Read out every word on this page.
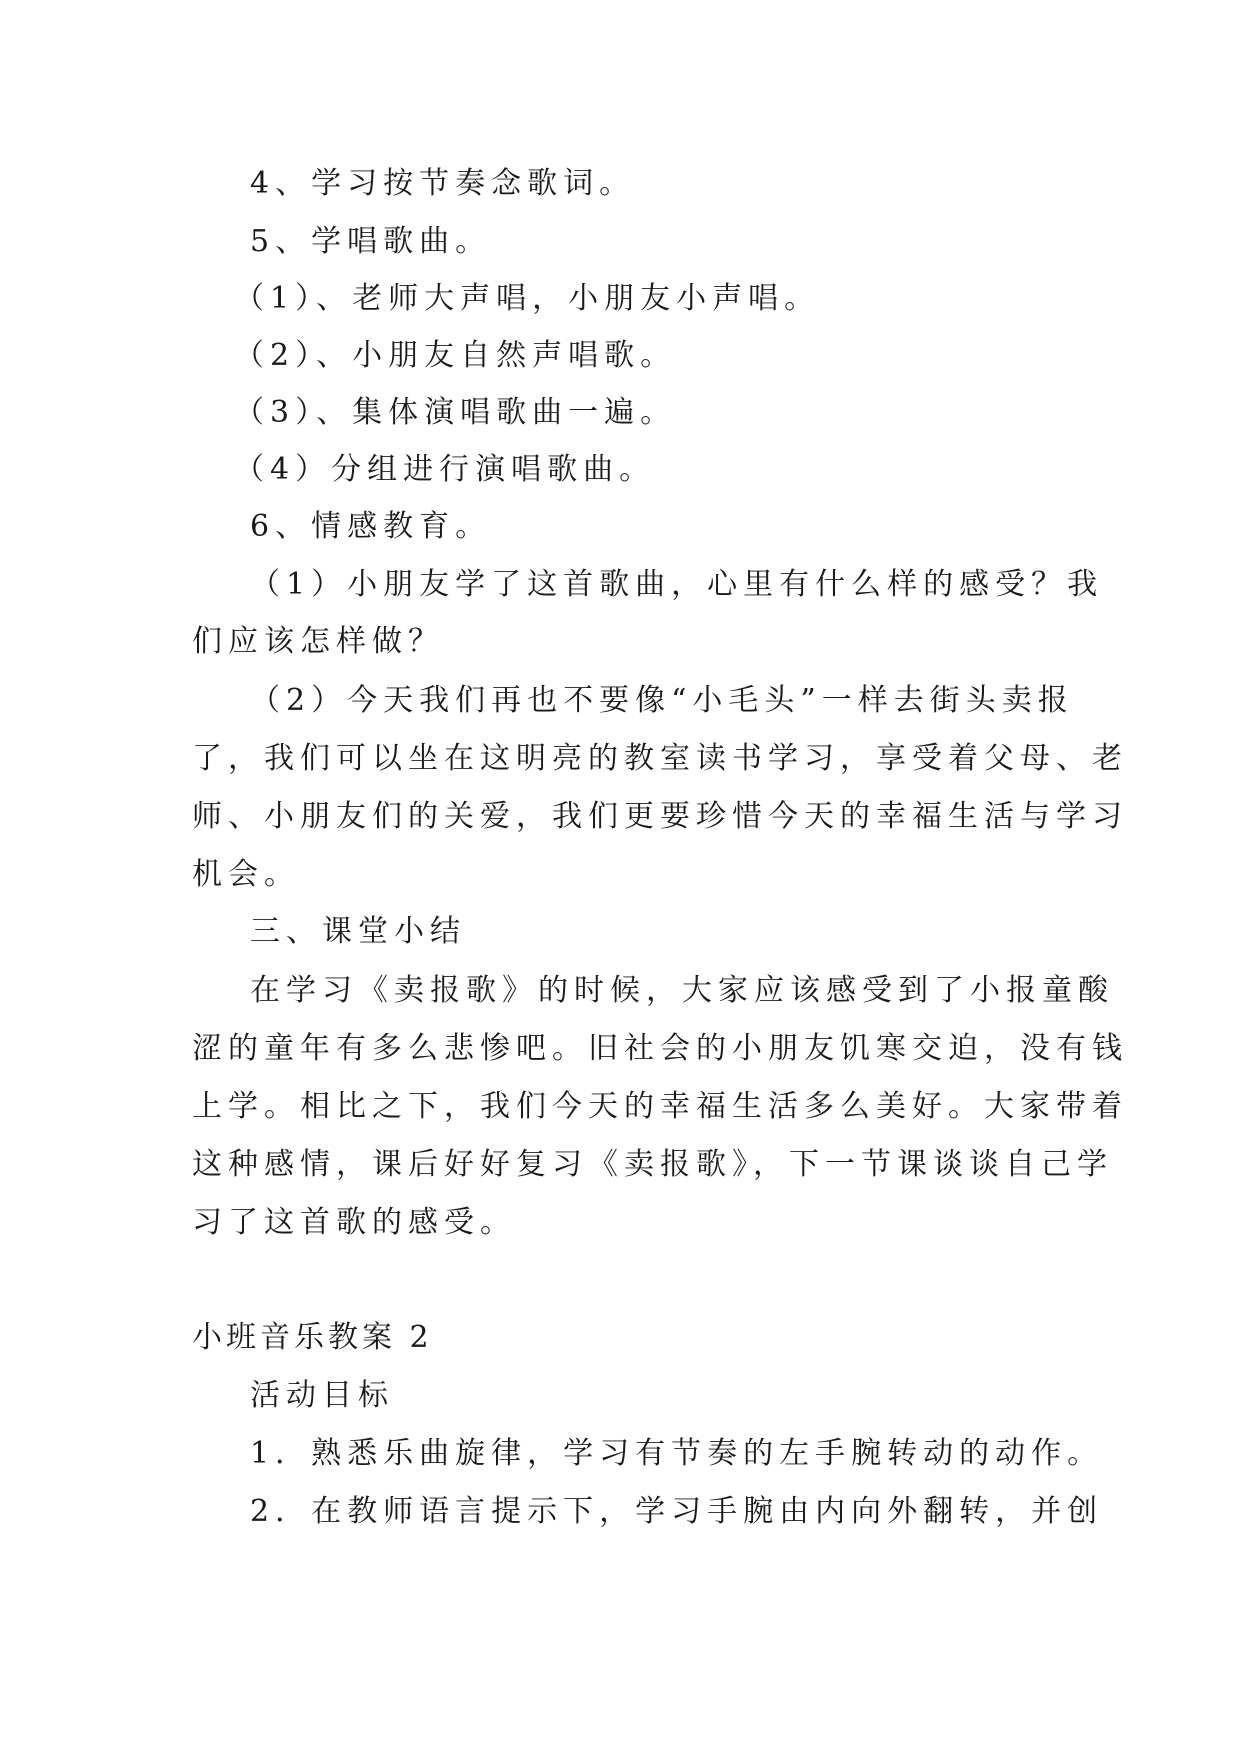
4、学习按节奏念歌词。
5、学唱歌曲。
（1）、老师大声唱，小朋友小声唱。
（2）、小朋友自然声唱歌。
（3）、集体演唱歌曲一遍。
（4）分组进行演唱歌曲。
6、情感教育。
（1）小朋友学了这首歌曲，心里有什么样的感受？我
们应该怎样做？
（2）今天我们再也不要像“小毛头”一样去街头卖报
了，我们可以坐在这明亮的教室读书学习，享受着父母、老
师、小朋友们的关爱，我们更要珍惜今天的幸福生活与学习
机会。
三、课堂小结
在学习《卖报歌》的时候，大家应该感受到了小报童酸
涩的童年有多么悲惨吧。旧社会的小朋友饥寒交迫，没有钱
上学。相比之下，我们今天的幸福生活多么美好。大家带着
这种感情，课后好好复习《卖报歌》，下一节课谈谈自己学
习了这首歌的感受。
小班音乐教案 2
活动目标
1．熟悉乐曲旋律，学习有节奏的左手腕转动的动作。
2．在教师语言提示下，学习手腕由内向外翻转，并创
